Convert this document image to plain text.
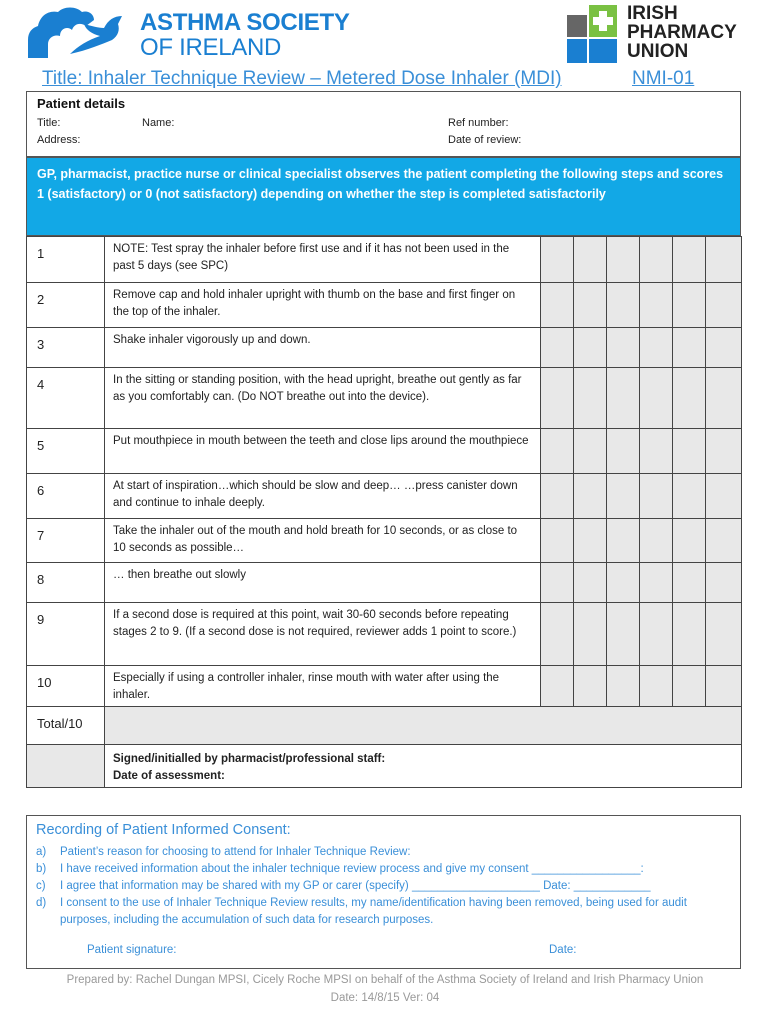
ASTHMA SOCIETY
OF IRELAND
IRISH
PHARMACY
UNION
Title: Inhaler Technique Review – Metered Dose Inhaler (MDI)	NMI-01
Patient details
Title:	Name:	Ref number:
Address:	Date of review:
GP, pharmacist, practice nurse or clinical specialist observes the patient completing the following steps and scores 1 (satisfactory) or 0 (not satisfactory) depending on whether the step is completed satisfactorily
1	NOTE: Test spray the inhaler before first use and if it has not been used in the past 5 days (see SPC)						
2	Remove cap and hold inhaler upright with thumb on the base and first finger on the top of the inhaler.						
3	Shake inhaler vigorously up and down.						
4	In the sitting or standing position, with the head upright, breathe out gently as far as you comfortably can. (Do NOT breathe out into the device).						
5	Put mouthpiece in mouth between the teeth and close lips around the mouthpiece						
6	At start of inspiration…which should be slow and deep… …press canister down and continue to inhale deeply.						
7	Take the inhaler out of the mouth and hold breath for 10 seconds, or as close to 10 seconds as possible…						
8	… then breathe out slowly						
9	If a second dose is required at this point, wait 30-60 seconds before repeating stages 2 to 9. (If a second dose is not required, reviewer adds 1 point to score.)						
10	Especially if using a controller inhaler, rinse mouth with water after using the inhaler.						
Total/10							

	Signed/initialled by pharmacist/professional staff:
Date of assessment:						
Recording of Patient Informed Consent:
a)	Patient’s reason for choosing to attend for Inhaler Technique Review:
b)	I have received information about the inhaler technique review process and give my consent _________________:
c)	I agree that information may be shared with my GP or carer (specify) ____________________ Date: ____________
d)	I consent to the use of Inhaler Technique Review results, my name/identification having been removed, being used for audit purposes, including the accumulation of such data for research purposes.
Patient signature:	Date:
Prepared by: Rachel Dungan MPSI, Cicely Roche MPSI on behalf of the Asthma Society of Ireland and Irish Pharmacy Union
Date: 14/8/15 Ver: 04
